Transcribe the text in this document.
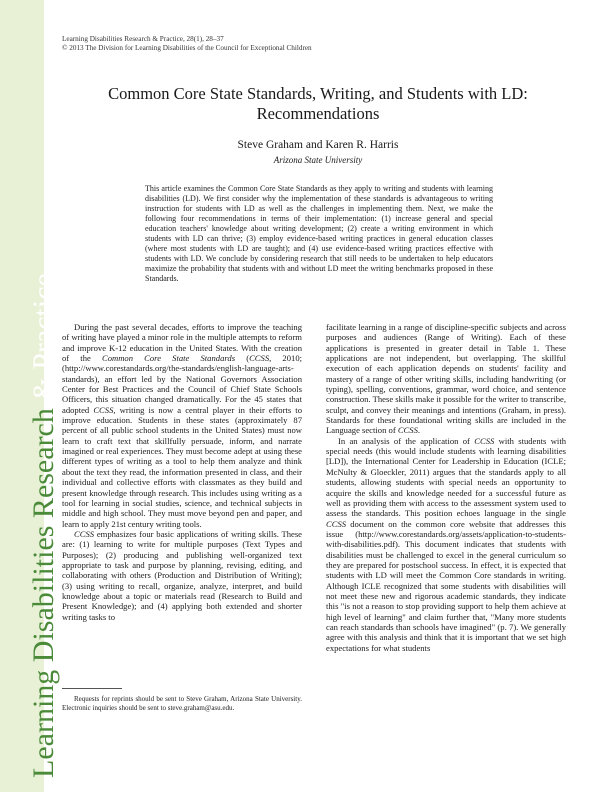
Learning Disabilities Research & Practice
Learning Disabilities Research & Practice, 28(1), 28–37
© 2013 The Division for Learning Disabilities of the Council for Exceptional Children
Common Core State Standards, Writing, and Students with LD:
Recommendations
Steve Graham and Karen R. Harris
Arizona State University
This article examines the Common Core State Standards as they apply to writing and students with learning disabilities (LD). We first consider why the implementation of these standards is advantageous to writing instruction for students with LD as well as the challenges in implementing them. Next, we make the following four recommendations in terms of their implementation: (1) increase general and special education teachers' knowledge about writing development; (2) create a writing environment in which students with LD can thrive; (3) employ evidence-based writing practices in general education classes (where most students with LD are taught); and (4) use evidence-based writing practices effective with students with LD. We conclude by considering research that still needs to be undertaken to help educators maximize the probability that students with and without LD meet the writing benchmarks proposed in these Standards.

During the past several decades, efforts to improve the teaching of writing have played a minor role in the multiple attempts to reform and improve K-12 education in the United States. With the creation of the Common Core State Standards (CCSS, 2010; (http://www.corestandards.org/the-standards/english-language-arts-standards), an effort led by the National Governors Association Center for Best Practices and the Council of Chief State Schools Officers, this situation changed dramatically. For the 45 states that adopted CCSS, writing is now a central player in their efforts to improve education. Students in these states (approximately 87 percent of all public school students in the United States) must now learn to craft text that skillfully persuade, inform, and narrate imagined or real experiences. They must become adept at using these different types of writing as a tool to help them analyze and think about the text they read, the information presented in class, and their individual and collective efforts with classmates as they build and present knowledge through research. This includes using writing as a tool for learning in social studies, science, and technical subjects in middle and high school. They must move beyond pen and paper, and learn to apply 21st century writing tools.

CCSS emphasizes four basic applications of writing skills. These are: (1) learning to write for multiple purposes (Text Types and Purposes); (2) producing and publishing well-organized text appropriate to task and purpose by planning, revising, editing, and collaborating with others (Production and Distribution of Writing); (3) using writing to recall, organize, analyze, interpret, and build knowledge about a topic or materials read (Research to Build and Present Knowledge); and (4) applying both extended and shorter writing tasks to

Requests for reprints should be sent to Steve Graham, Arizona State University. Electronic inquiries should be sent to steve.graham@asu.edu.

facilitate learning in a range of discipline-specific subjects and across purposes and audiences (Range of Writing). Each of these applications is presented in greater detail in Table 1. These applications are not independent, but overlapping. The skillful execution of each application depends on students' facility and mastery of a range of other writing skills, including handwriting (or typing), spelling, conventions, grammar, word choice, and sentence construction. These skills make it possible for the writer to transcribe, sculpt, and convey their meanings and intentions (Graham, in press). Standards for these foundational writing skills are included in the Language section of CCSS.

In an analysis of the application of CCSS with students with special needs (this would include students with learning disabilities [LD]), the International Center for Leadership in Education (ICLE; McNulty & Gloeckler, 2011) argues that the standards apply to all students, allowing students with special needs an opportunity to acquire the skills and knowledge needed for a successful future as well as providing them with access to the assessment system used to assess the standards. This position echoes language in the single CCSS document on the common core website that addresses this issue (http://www.corestandards.org/assets/application-to-students-with-disabilities.pdf). This document indicates that students with disabilities must be challenged to excel in the general curriculum so they are prepared for postschool success. In effect, it is expected that students with LD will meet the Common Core standards in writing. Although ICLE recognized that some students with disabilities will not meet these new and rigorous academic standards, they indicate this "is not a reason to stop providing support to help them achieve at high level of learning" and claim further that, "Many more students can reach standards than schools have imagined" (p. 7). We generally agree with this analysis and think that it is important that we set high expectations for what students
